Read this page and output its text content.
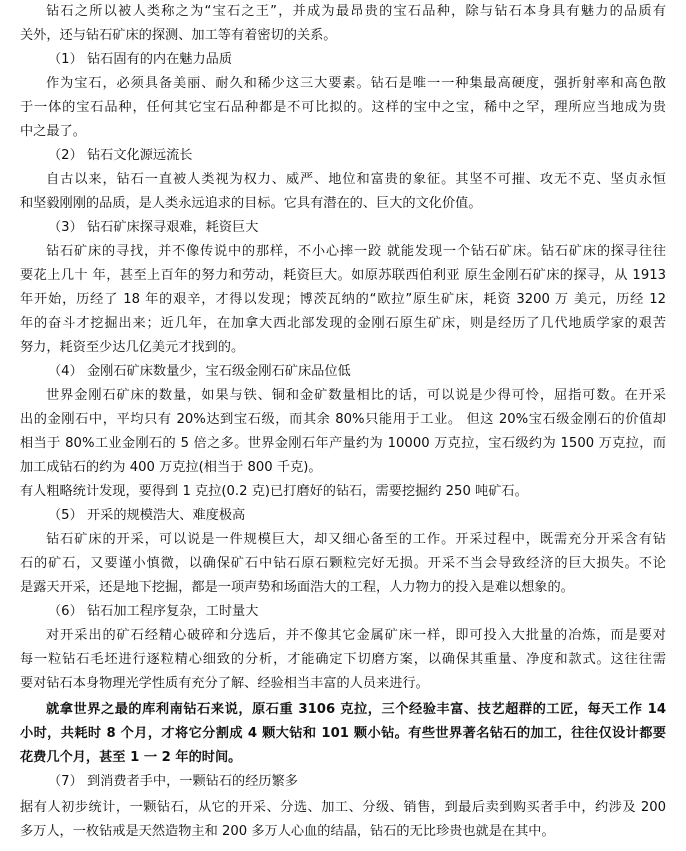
钻石之所以被人类称之为“宝石之王”，并成为最昂贵的宝石品种，除与钻石本身具有魅力的品质有
关外，还与钻石矿床的探测、加工等有着密切的关系。
（1） 钻石固有的内在魅力品质
作为宝石，必须具备美丽、耐久和稀少这三大要素。钻石是唯一一种集最高硬度，强折射率和高色散
于一体的宝石品种，任何其它宝石品种都是不可比拟的。这样的宝中之宝，稀中之罕，理所应当地成为贵
中之最了。
（2） 钻石文化源远流长
自古以来，钻石一直被人类视为权力、威严、地位和富贵的象征。其坚不可摧、攻无不克、坚贞永恒
和坚毅刚刚的品质，是人类永远追求的目标。它具有潜在的、巨大的文化价值。
（3） 钻石矿床探寻艰难，耗资巨大
钻石矿床的寻找，并不像传说中的那样，不小心摔一跤 就能发现一个钻石矿床。钻石矿床的探寻往往
要花上几十 年，甚至上百年的努力和劳动，耗资巨大。如原苏联西伯利亚 原生金刚石矿床的探寻，从 1913
年开始，历经了 18 年的艰辛，才得以发现；博茨瓦纳的“欧拉”原生矿床，耗资 3200 万 美元，历经 12
年的奋斗才挖掘出来；近几年，在加拿大西北部发现的金刚石原生矿床，则是经历了几代地质学家的艰苦
努力，耗资至少达几亿美元才找到的。
（4） 金刚石矿床数量少，宝石级金刚石矿床品位低
世界金刚石矿床的数量，如果与铁、铜和金矿数量相比的话，可以说是少得可怜，屈指可数。在开采
出的金刚石中，平均只有 20%达到宝石级，而其余 80%只能用于工业。 但这 20%宝石级金刚石的价值却
相当于 80%工业金刚石的 5 倍之多。世界金刚石年产量约为 10000 万克拉，宝石级约为 1500 万克拉，而
加工成钻石的约为 400 万克拉(相当于 800 千克)。
有人粗略统计发现，要得到 1 克拉(0.2 克)已打磨好的钻石，需要挖掘约 250 吨矿石。
（5） 开采的规模浩大、难度极高
钻石矿床的开采，可以说是一件规模巨大，却又细心备至的工作。开采过程中，既需充分开采含有钻
石的矿石，又要谨小慎微，以确保矿石中钻石原石颗粒完好无损。开采不当会导致经济的巨大损失。不论
是露天开采，还是地下挖掘，都是一项声势和场面浩大的工程，人力物力的投入是难以想象的。
（6） 钻石加工程序复杂，工时量大
对开采出的矿石经精心破碎和分选后，并不像其它金属矿床一样，即可投入大批量的冶炼，而是要对
每一粒钻石毛坯进行逐粒精心细致的分析，才能确定下切磨方案，以确保其重量、净度和款式。这往往需
要对钻石本身物理光学性质有充分了解、经验相当丰富的人员来进行。
就拿世界之最的库利南钻石来说，原石重 3106 克拉，三个经验丰富、技艺超群的工匠，每天工作 14
小时，共耗时 8 个月，才将它分割成 4 颗大钻和 101 颗小钻。有些世界著名钻石的加工，往往仅设计都要
花费几个月，甚至 1 一 2 年的时间。
（7） 到消费者手中，一颗钻石的经历繁多
据有人初步统计，一颗钻石，从它的开采、分选、加工、分级、销售，到最后卖到购买者手中，约涉及 200
多万人，一枚钻戒是天然造物主和 200 多万人心血的结晶，钻石的无比珍贵也就是在其中。
